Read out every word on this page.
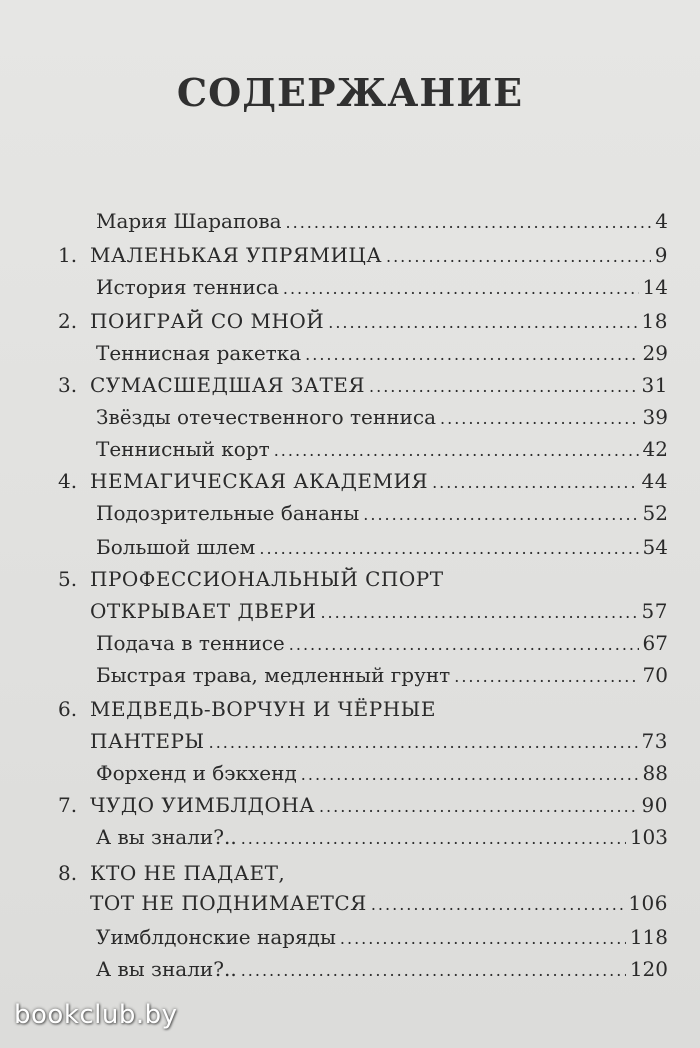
СОДЕРЖАНИЕ
Мария Шарапова .....	4
1. МАЛЕНЬКАЯ УПРЯМИЦА .....	9
История тенниса .....	14
2. ПОИГРАЙ СО МНОЙ .....	18
Теннисная ракетка .....	29
3. СУМАСШЕДШАЯ ЗАТЕЯ .....	31
Звёзды отечественного тенниса .....	39
Теннисный корт .....	42
4. НЕМАГИЧЕСКАЯ АКАДЕМИЯ .....	44
Подозрительные бананы .....	52
Большой шлем .....	54
5. ПРОФЕССИОНАЛЬНЫЙ СПОРТ
ОТКРЫВАЕТ ДВЕРИ .....	57
Подача в теннисе .....	67
Быстрая трава, медленный грунт .....	70
6. МЕДВЕДЬ-ВОРЧУН И ЧЁРНЫЕ
ПАНТЕРЫ .....	73
Форхенд и бэкхенд .....	88
7. ЧУДО УИМБЛДОНА .....	90
А вы знали?.. .....	103
8. КТО НЕ ПАДАЕТ,
ТОТ НЕ ПОДНИМАЕТСЯ .....	106
Уимблдонские наряды .....	118
А вы знали?.. .....	120
bookclub.by
